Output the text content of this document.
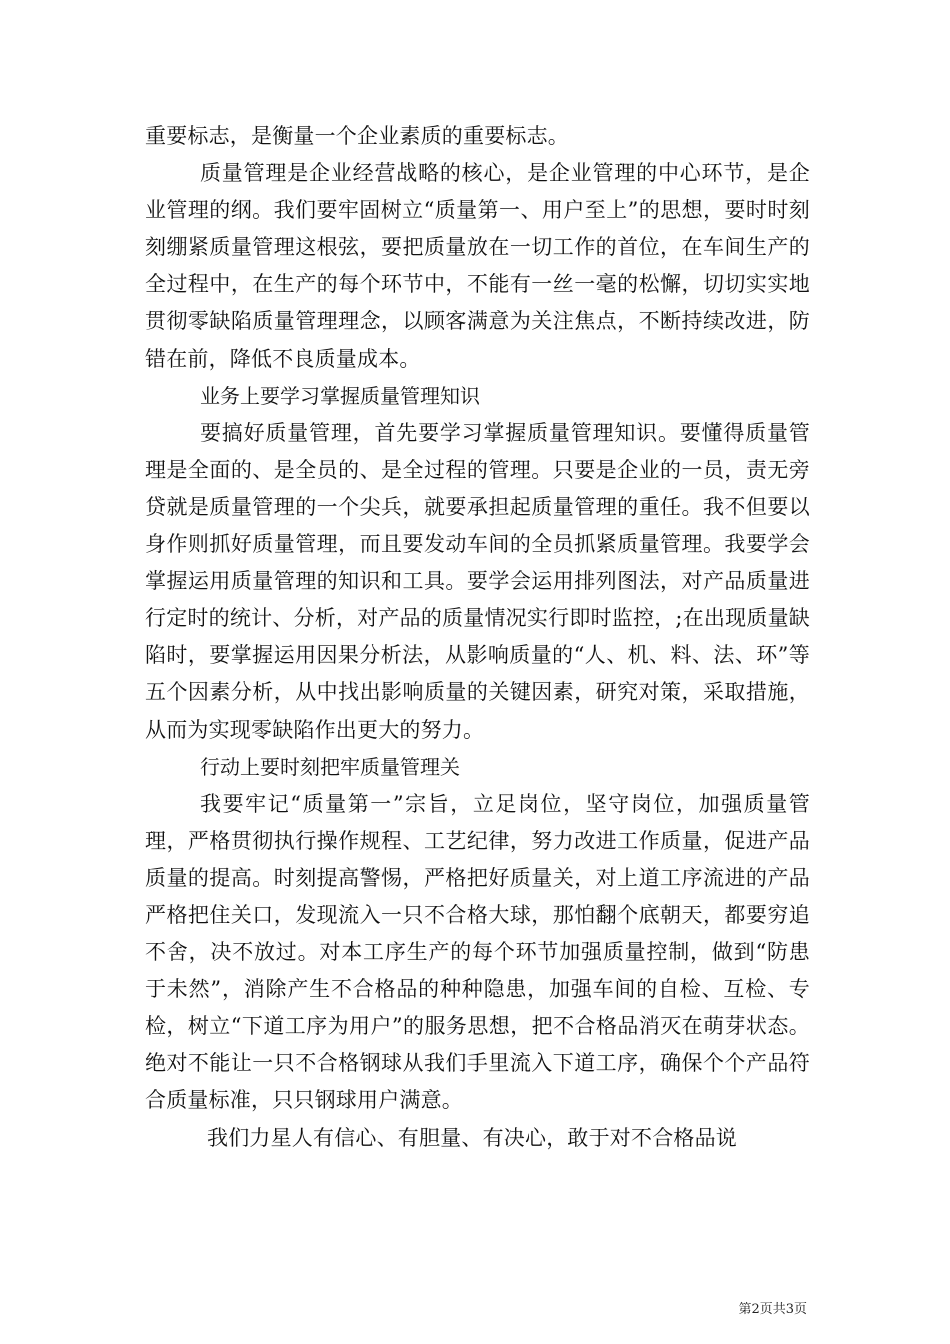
重要标志，是衡量一个企业素质的重要标志。

质量管理是企业经营战略的核心，是企业管理的中心环节，是企业管理的纲。我们要牢固树立“质量第一、用户至上”的思想，要时时刻刻绷紧质量管理这根弦，要把质量放在一切工作的首位，在车间生产的全过程中，在生产的每个环节中，不能有一丝一毫的松懈，切切实实地贯彻零缺陷质量管理理念，以顾客满意为关注焦点，不断持续改进，防错在前，降低不良质量成本。

业务上要学习掌握质量管理知识

要搞好质量管理，首先要学习掌握质量管理知识。要懂得质量管理是全面的、是全员的、是全过程的管理。只要是企业的一员，责无旁贷就是质量管理的一个尖兵，就要承担起质量管理的重任。我不但要以身作则抓好质量管理，而且要发动车间的全员抓紧质量管理。我要学会掌握运用质量管理的知识和工具。要学会运用排列图法，对产品质量进行定时的统计、分析，对产品的质量情况实行即时监控，;在出现质量缺陷时，要掌握运用因果分析法，从影响质量的“人、机、料、法、环”等五个因素分析，从中找出影响质量的关键因素，研究对策，采取措施，从而为实现零缺陷作出更大的努力。

行动上要时刻把牢质量管理关

我要牢记“质量第一”宗旨，立足岗位，坚守岗位，加强质量管理，严格贯彻执行操作规程、工艺纪律，努力改进工作质量，促进产品质量的提高。时刻提高警惕，严格把好质量关，对上道工序流进的产品严格把住关口，发现流入一只不合格大球，那怕翻个底朝天，都要穷追不舍，决不放过。对本工序生产的每个环节加强质量控制，做到“防患于未然”，消除产生不合格品的种种隐患，加强车间的自检、互检、专检，树立“下道工序为用户”的服务思想，把不合格品消灭在萌芽状态。绝对不能让一只不合格钢球从我们手里流入下道工序，确保个个产品符合质量标准，只只钢球用户满意。

我们力星人有信心、有胆量、有决心，敢于对不合格品说

第2页共3页
